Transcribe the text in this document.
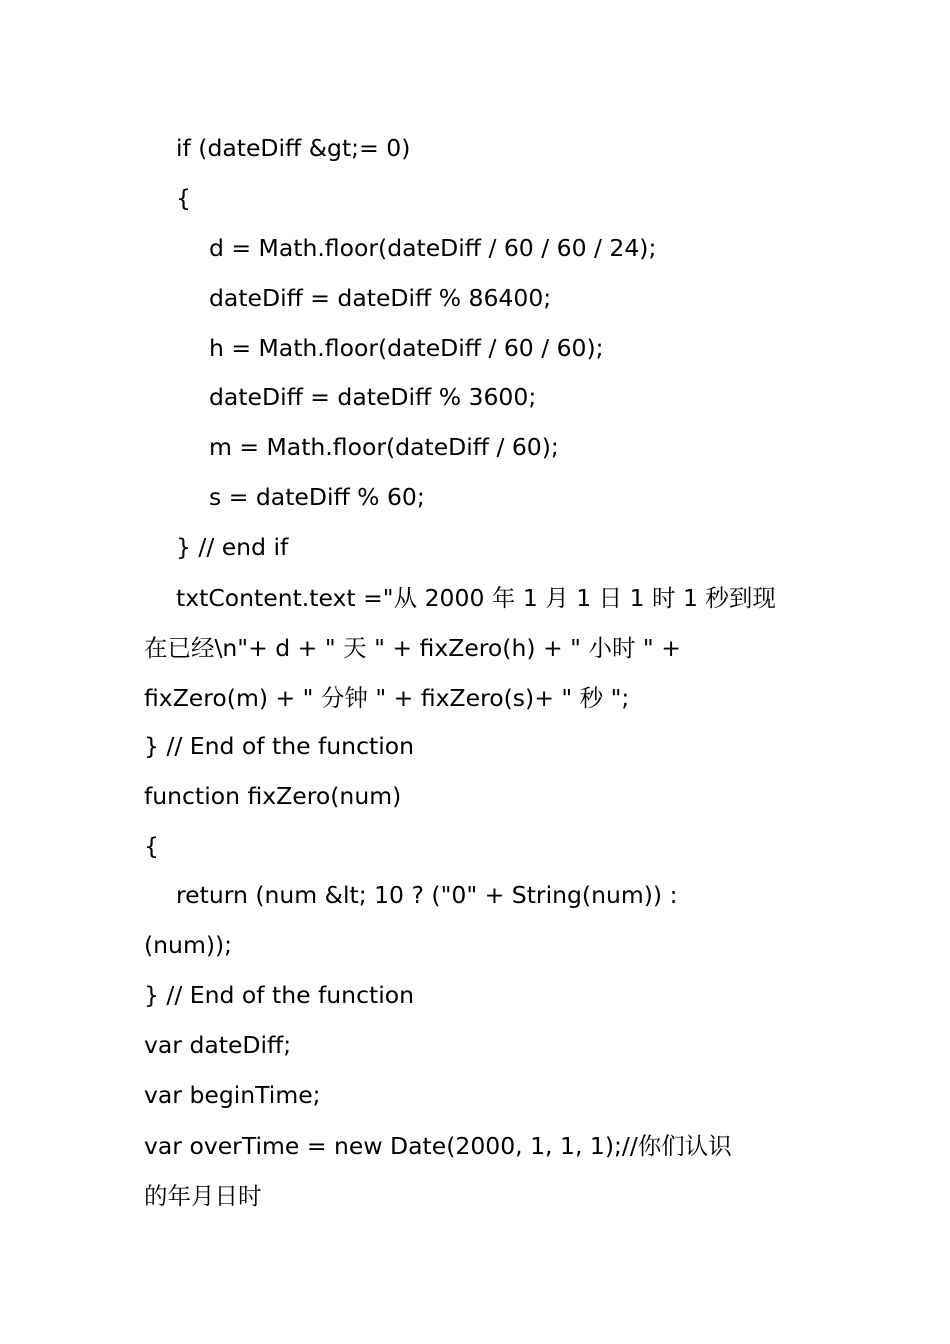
if (dateDiff &gt;= 0)

{

d = Math.floor(dateDiff / 60 / 60 / 24);

dateDiff = dateDiff % 86400;

h = Math.floor(dateDiff / 60 / 60);

dateDiff = dateDiff % 3600;

m = Math.floor(dateDiff / 60);

s = dateDiff % 60;

} // end if

txtContent.text ="从 2000 年 1 月 1 日 1 时 1 秒到现

在已经\n"+ d + " 天 " + fixZero(h) + " 小时 " +

fixZero(m) + " 分钟 " + fixZero(s)+ " 秒 ";

} // End of the function

function fixZero(num)

{

return (num &lt; 10 ? ("0" + String(num)) :

(num));

} // End of the function

var dateDiff;

var beginTime;

var overTime = new Date(2000, 1, 1, 1);//你们认识

的年月日时
